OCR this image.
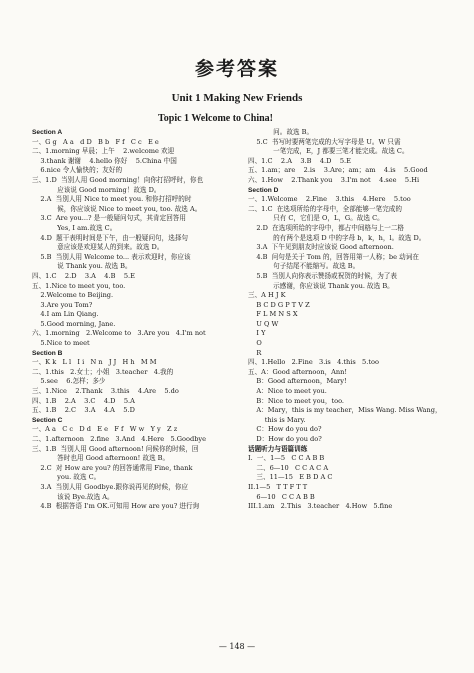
参考答案
Unit 1 Making New Friends
Topic 1 Welcome to China!
Section A
一、G g   A a   d D   B b   F f   C c   E e
二、1.morning 早晨；上午    2.welcome 欢迎
3.thank 谢谢    4.hello 你好    5.China 中国
6.nice 令人愉快的；友好的
三、1.D  当别人用 Good morning！向你打招呼时，你也
应该说 Good morning！故选 D。
2.A  当别人用 Nice to meet you. 和你打招呼的时
候，你应该说 Nice to meet you, too. 故选 A。
3.C  Are you...? 是一般疑问句式，其肯定回答用
Yes, I am.故选 C。
4.D  题干表明时间是下午，由一般疑问句，选择句
意应该是欢迎某人的到来。故选 D。
5.B  当别人用 Welcome to... 表示欢迎时，你应该
说 Thank you. 故选 B。
四、1.C    2.D    3.A    4.B    5.E
五、1.Nice to meet you, too.
2.Welcome to Beijing.
3.Are you Tom?
4.I am Lin Qiang.
5.Good morning, Jane.
六、1.morning   2.Welcome to   3.Are you   4.I'm not
5.Nice to meet
Section B
一、K k   L l   I i   N n   J J   H h   M M
二、1.this   2.女士；小姐   3.teacher   4.我的
5.see    6.怎样；多少
三、1.Nice    2.Thank    3.this    4.Are    5.do
四、1.B    2.A    3.C    4.D    5.A
五、1.B    2.C    3.A    4.A    5.D
Section C
一、A a   C c   D d   E e   F f   W w   Y y   Z z
二、1.afternoon   2.fine   3.And   4.Here   5.Goodbye
三、1.B  当别人用 Good afternoon! 问候你的时候，回
答时也用 Good afternoon! 故选 B。
2.C  对 How are you? 的回答通常用 Fine, thank
you. 故选 C。
3.A  当别人用 Goodbye.跟你说再见的时候，你应
该说 Bye.故选 A。
4.B  根据答语 I'm OK.可知用 How are you? 进行询
问。故选 B。
5.C  书写时要两笔完成的大写字母是 U。W 只需
一笔完成，E，J 都要三笔才能完成。故选 C。
四、1.C    2.A    3.B    4.D    5.E
五、1.am；are    2.is    3.Are；am；am    4.is    5.Good
六、1.How    2.Thank you    3.I'm not    4.see    5.Hi
Section D
一、1.Welcome    2.Fine    3.this    4.Here    5.too
二、1.C  在选项所给的字母中，全部能够一笔完成的
只有 C，它们是 O，L，G。故选 C。
2.D  在选项所给的字母中，都占中间格与上一二格
的有两个是选项 D 中的字母 b，k，h，l。故选 D。
3.A  下午见到朋友时应该说 Good afternoon.
4.B  问句是关于 Tom 的，回答用第一人称；be 动词在
句子结尾不能缩写。故选 B。
5.B  当别人向你表示赞扬或祝贺的时候，为了表
示感谢，你应该说 Thank you. 故选 B。
三、A H J K
B C D G P T V Z
F L M N S X
U Q W
I Y
O
R
四、1.Hello   2.Fine   3.is   4.this   5.too
五、A：Good afternoon，Ann!
B：Good afternoon，Mary!
A：Nice to meet you.
B：Nice to meet you，too.
A：Mary，this is my teacher，Miss Wang. Miss Wang，
this is Mary.
C：How do you do?
D：How do you do?
话题听力与语篇训练
I.  一、1—5   C C A B B
二、6—10   C C A C A
三、11—15   E B D A C
II.1—5   T T F T T
6—10   C C A B B
III.1.am   2.This   3.teacher   4.How   5.fine
— 148 —
